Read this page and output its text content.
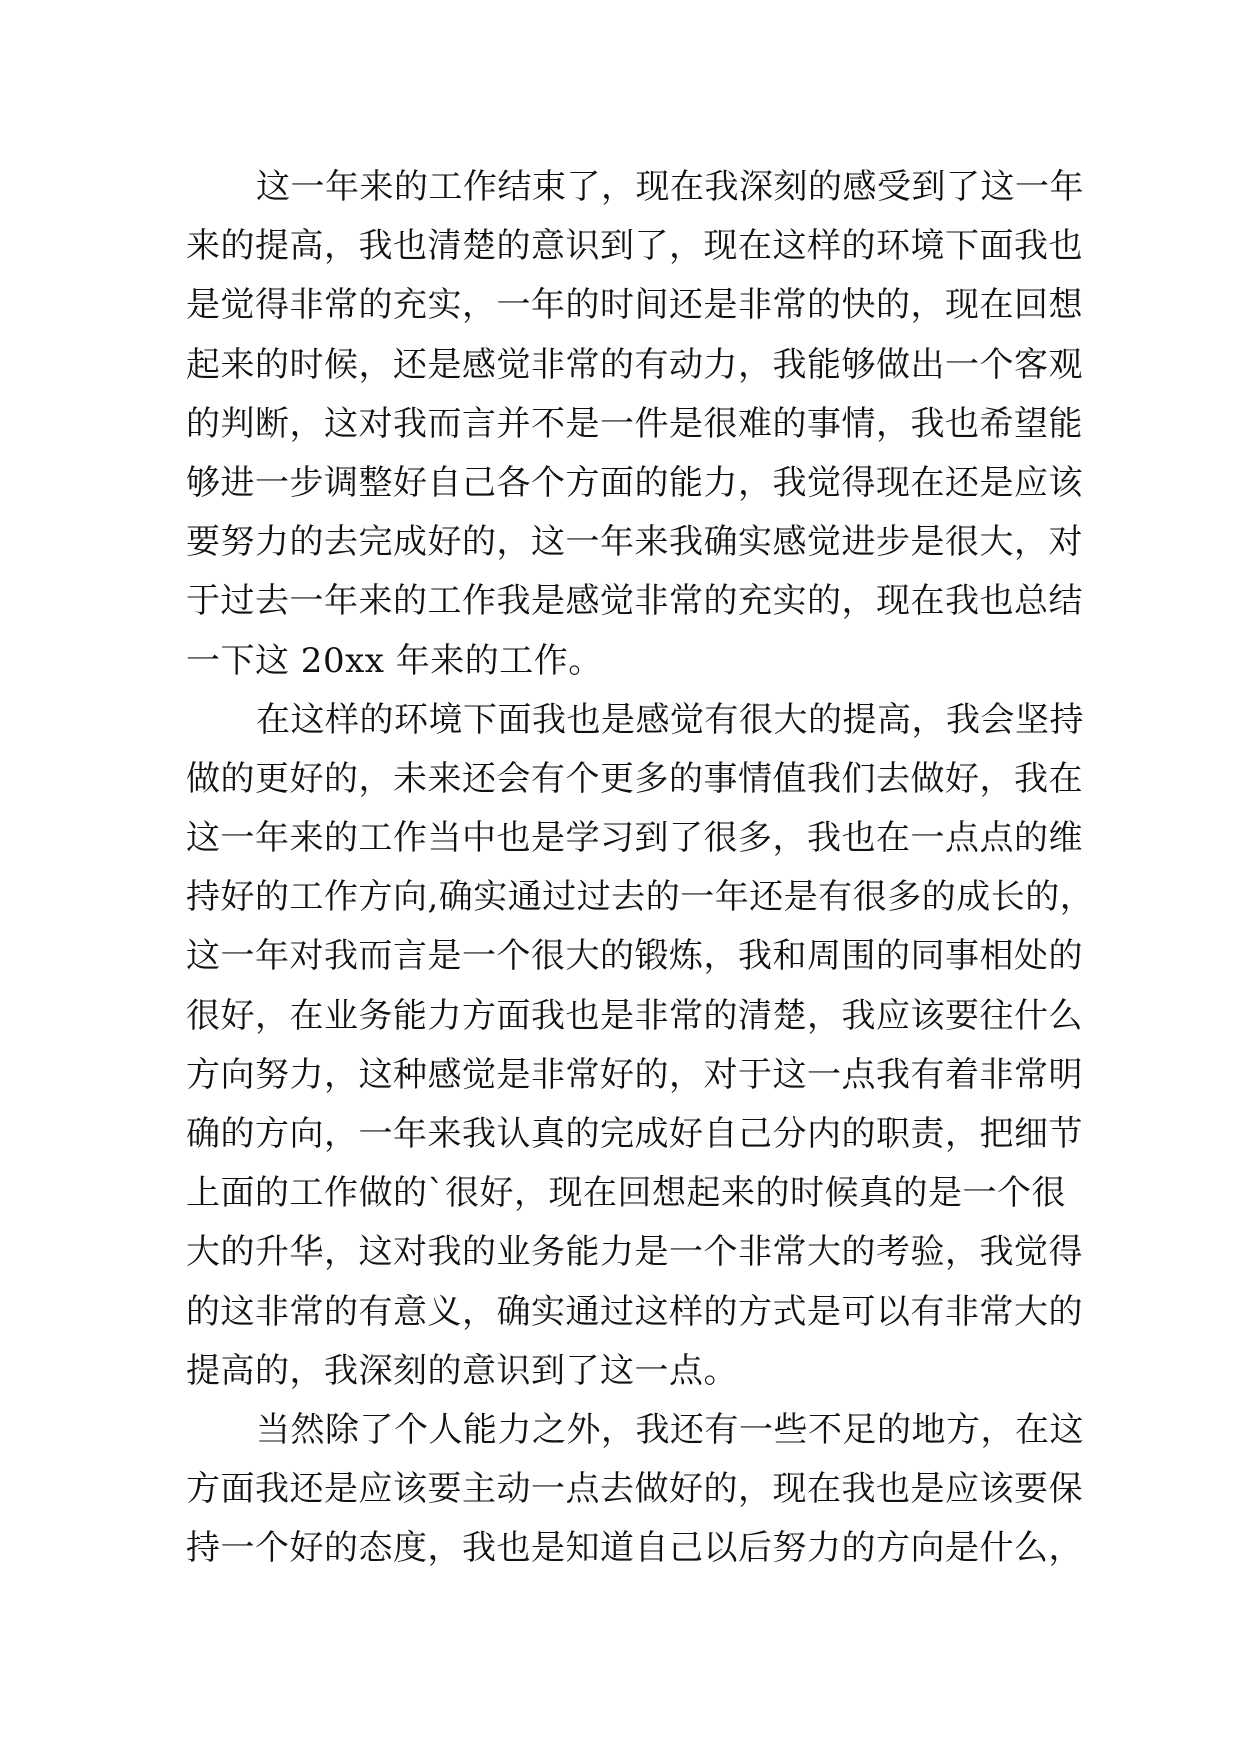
这一年来的工作结束了，现在我深刻的感受到了这一年
来的提高，我也清楚的意识到了，现在这样的环境下面我也
是觉得非常的充实，一年的时间还是非常的快的，现在回想
起来的时候，还是感觉非常的有动力，我能够做出一个客观
的判断，这对我而言并不是一件是很难的事情，我也希望能
够进一步调整好自己各个方面的能力，我觉得现在还是应该
要努力的去完成好的，这一年来我确实感觉进步是很大，对
于过去一年来的工作我是感觉非常的充实的，现在我也总结
一下这 20xx 年来的工作。
在这样的环境下面我也是感觉有很大的提高，我会坚持
做的更好的，未来还会有个更多的事情值我们去做好，我在
这一年来的工作当中也是学习到了很多，我也在一点点的维
持好的工作方向,确实通过过去的一年还是有很多的成长的，
这一年对我而言是一个很大的锻炼，我和周围的同事相处的
很好，在业务能力方面我也是非常的清楚，我应该要往什么
方向努力，这种感觉是非常好的，对于这一点我有着非常明
确的方向，一年来我认真的完成好自己分内的职责，把细节
上面的工作做的`很好，现在回想起来的时候真的是一个很
大的升华，这对我的业务能力是一个非常大的考验，我觉得
的这非常的有意义，确实通过这样的方式是可以有非常大的
提高的，我深刻的意识到了这一点。
当然除了个人能力之外，我还有一些不足的地方，在这
方面我还是应该要主动一点去做好的，现在我也是应该要保
持一个好的态度，我也是知道自己以后努力的方向是什么，
